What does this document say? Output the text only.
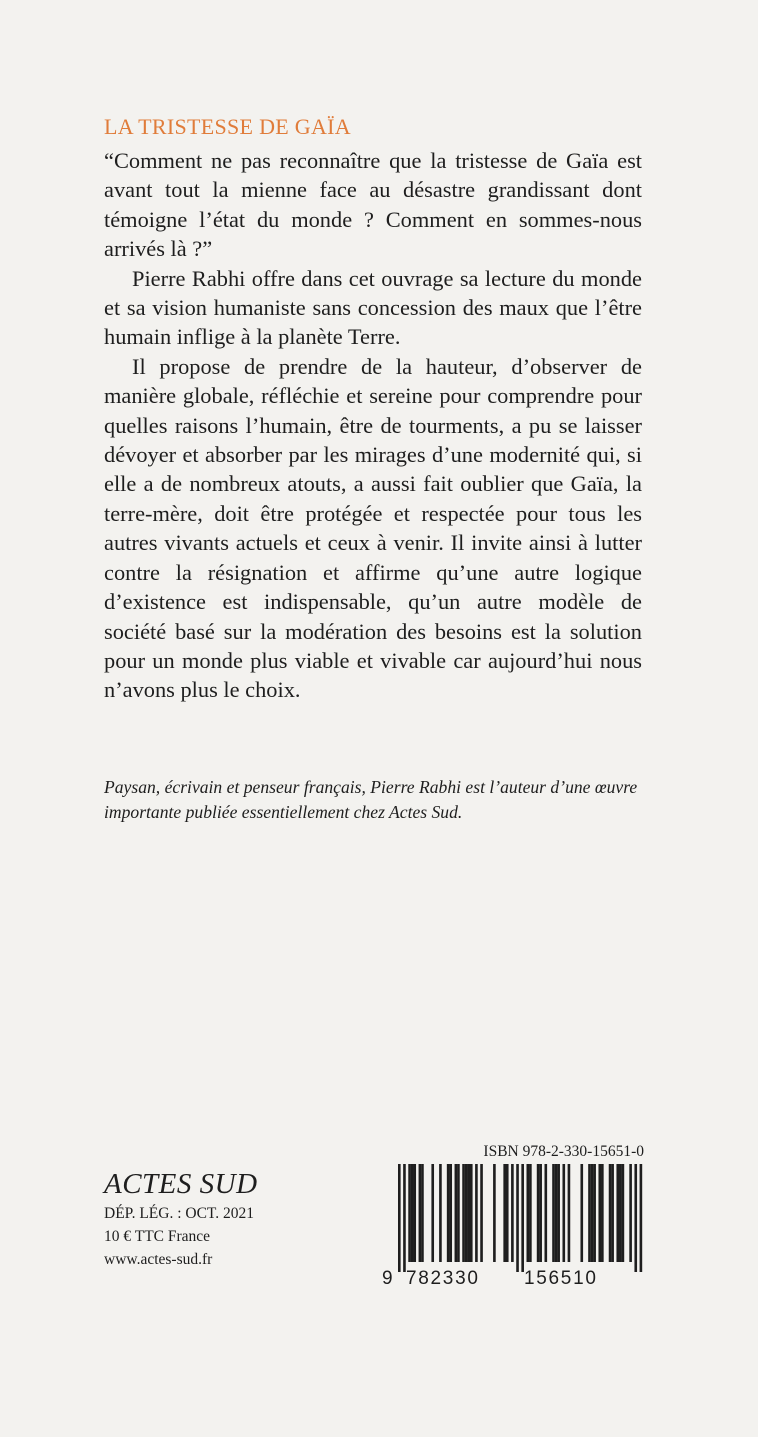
LA TRISTESSE DE GAÏA

“Comment ne pas reconnaître que la tristesse de Gaïa est avant tout la mienne face au désastre grandissant dont témoigne l’état du monde ? Comment en sommes-nous arrivés là ?”

Pierre Rabhi offre dans cet ouvrage sa lecture du monde et sa vision humaniste sans concession des maux que l’être humain inflige à la planète Terre.

Il propose de prendre de la hauteur, d’observer de manière globale, réfléchie et sereine pour comprendre pour quelles raisons l’humain, être de tourments, a pu se laisser dévoyer et absorber par les mirages d’une modernité qui, si elle a de nombreux atouts, a aussi fait oublier que Gaïa, la terre-mère, doit être protégée et respectée pour tous les autres vivants actuels et ceux à venir. Il invite ainsi à lutter contre la résignation et affirme qu’une autre logique d’existence est indispensable, qu’un autre modèle de société basé sur la modération des besoins est la solution pour un monde plus viable et vivable car aujourd’hui nous n’avons plus le choix.

Paysan, écrivain et penseur français, Pierre Rabhi est l’auteur d’une œuvre importante publiée essentiellement chez Actes Sud.

ACTES SUD

DÉP. LÉG. : OCT. 2021

10 € TTC France

www.actes-sud.fr

ISBN 978-2-330-15651-0

9 782330	156510
